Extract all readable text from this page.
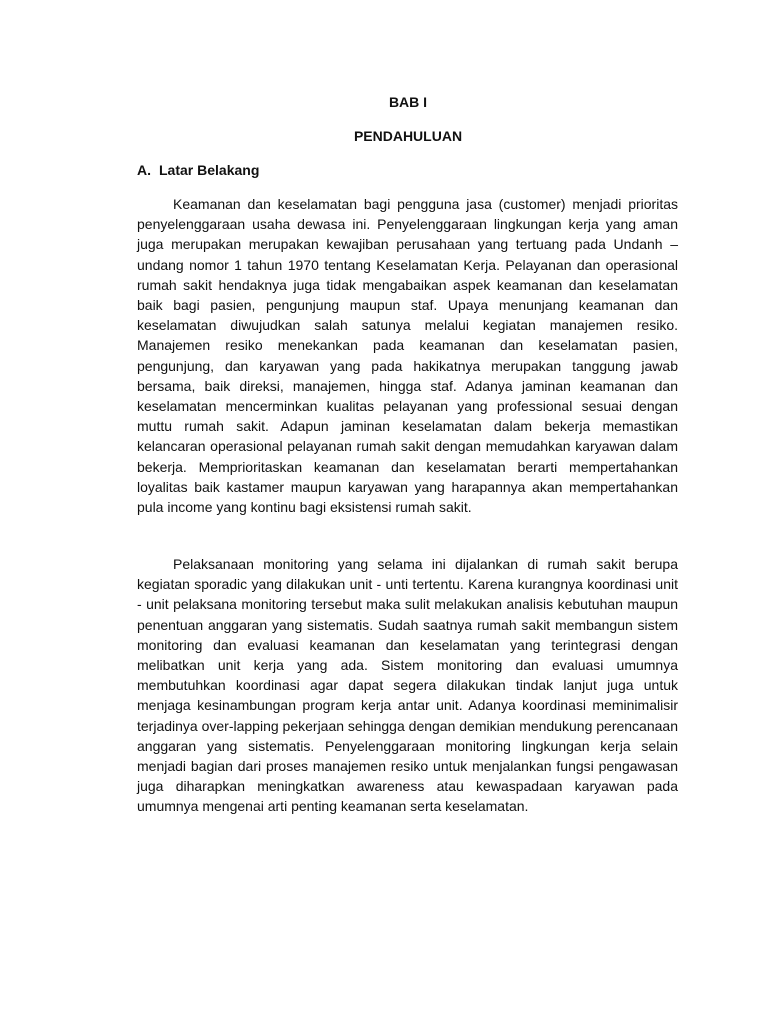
BAB I
PENDAHULUAN
A. Latar Belakang

Keamanan dan keselamatan bagi pengguna jasa (customer) menjadi prioritas penyelenggaraan usaha dewasa ini. Penyelenggaraan lingkungan kerja yang aman juga merupakan merupakan kewajiban perusahaan yang tertuang pada Undanh – undang nomor 1 tahun 1970 tentang Keselamatan Kerja. Pelayanan dan operasional rumah sakit hendaknya juga tidak mengabaikan aspek keamanan dan keselamatan baik bagi pasien, pengunjung maupun staf. Upaya menunjang keamanan dan keselamatan diwujudkan salah satunya melalui kegiatan manajemen resiko. Manajemen resiko menekankan pada keamanan dan keselamatan pasien, pengunjung, dan karyawan yang pada hakikatnya merupakan tanggung jawab bersama, baik direksi, manajemen, hingga staf. Adanya jaminan keamanan dan keselamatan mencerminkan kualitas pelayanan yang professional sesuai dengan muttu rumah sakit. Adapun jaminan keselamatan dalam bekerja memastikan kelancaran operasional pelayanan rumah sakit dengan memudahkan karyawan dalam bekerja. Memprioritaskan keamanan dan keselamatan berarti mempertahankan loyalitas baik kastamer maupun karyawan yang harapannya akan mempertahankan pula income yang kontinu bagi eksistensi rumah sakit.

Pelaksanaan monitoring yang selama ini dijalankan di rumah sakit berupa kegiatan sporadic yang dilakukan unit - unti tertentu. Karena kurangnya koordinasi unit - unit pelaksana monitoring tersebut maka sulit melakukan analisis kebutuhan maupun penentuan anggaran yang sistematis. Sudah saatnya rumah sakit membangun sistem monitoring dan evaluasi keamanan dan keselamatan yang terintegrasi dengan melibatkan unit kerja yang ada. Sistem monitoring dan evaluasi umumnya membutuhkan koordinasi agar dapat segera dilakukan tindak lanjut juga untuk menjaga kesinambungan program kerja antar unit. Adanya koordinasi meminimalisir terjadinya over-lapping pekerjaan sehingga dengan demikian mendukung perencanaan anggaran yang sistematis. Penyelenggaraan monitoring lingkungan kerja selain menjadi bagian dari proses manajemen resiko untuk menjalankan fungsi pengawasan juga diharapkan meningkatkan awareness atau kewaspadaan karyawan pada umumnya mengenai arti penting keamanan serta keselamatan.
